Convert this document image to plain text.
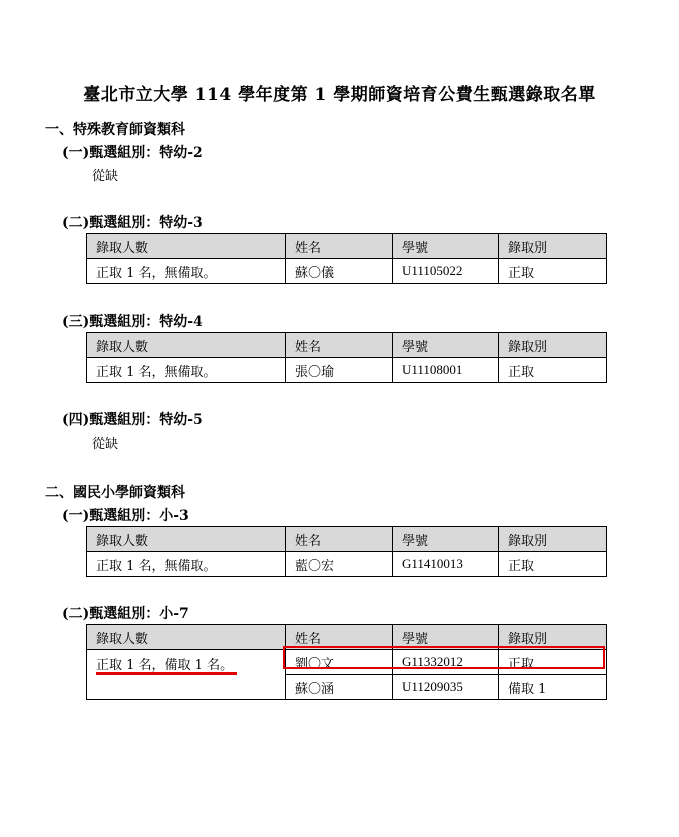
臺北市立大學 114 學年度第 1 學期師資培育公費生甄選錄取名單
一、特殊教育師資類科
(一)甄選組別：特幼-2
從缺
(二)甄選組別：特幼-3
錄取人數	姓名	學號	錄取別
正取 1 名，無備取。	蘇〇儀	U11105022	正取
(三)甄選組別：特幼-4
錄取人數	姓名	學號	錄取別
正取 1 名，無備取。	張〇瑜	U11108001	正取
(四)甄選組別：特幼-5
從缺
二、國民小學師資類科
(一)甄選組別：小-3
錄取人數	姓名	學號	錄取別
正取 1 名，無備取。	藍〇宏	G11410013	正取
(二)甄選組別：小-7
錄取人數	姓名	學號	錄取別
正取 1 名，備取 1 名。	劉〇文	G11332012	正取
	蘇〇涵	U11209035	備取 1
